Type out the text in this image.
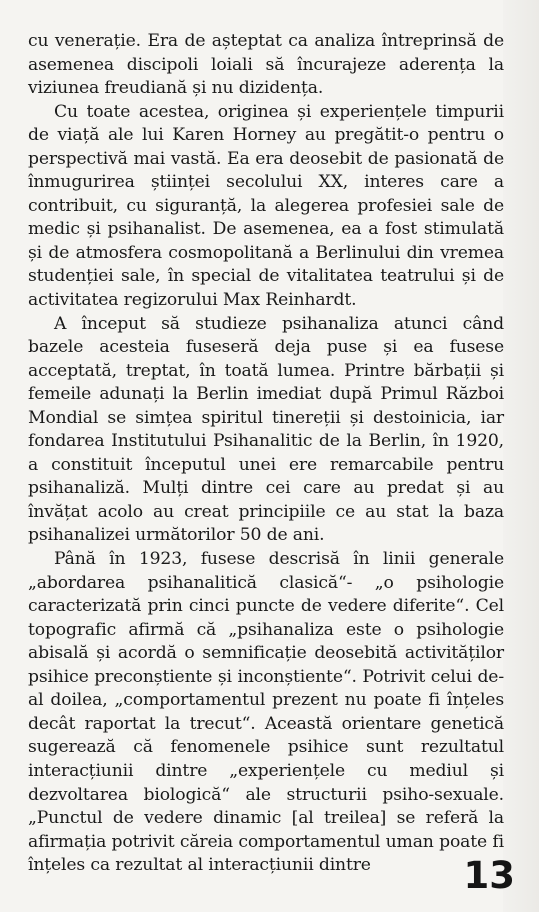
cu venerație. Era de așteptat ca analiza întreprinsă de asemenea discipoli loiali să încurajeze aderența la viziunea freudiană și nu dizidența.

Cu toate acestea, originea și experiențele timpurii de viață ale lui Karen Horney au pregătit-o pentru o perspectivă mai vastă. Ea era deosebit de pasionată de înmugurirea științei secolului XX, interes care a contribuit, cu siguranță, la alegerea profesiei sale de medic și psihanalist. De asemenea, ea a fost stimulată și de atmosfera cosmopolitană a Berlinului din vremea studenției sale, în special de vitalitatea teatrului și de activitatea regizorului Max Reinhardt.

A început să studieze psihanaliza atunci când bazele acesteia fuseseră deja puse și ea fusese acceptată, treptat, în toată lumea. Printre bărbații și femeile adunați la Berlin imediat după Primul Război Mondial se simțea spiritul tinereții și destoinicia, iar fondarea Institutului Psihanalitic de la Berlin, în 1920, a constituit începutul unei ere remarcabile pentru psihanaliză. Mulți dintre cei care au predat și au învățat acolo au creat principiile ce au stat la baza psihanalizei următorilor 50 de ani.

Până în 1923, fusese descrisă în linii generale „abordarea psihanalitică clasică“- „o psihologie caracterizată prin cinci puncte de vedere diferite“. Cel topografic afirmă că „psihanaliza este o psihologie abisală și acordă o semnificație deosebită activităților psihice preconștiente și inconștiente“. Potrivit celui de-al doilea, „comportamentul prezent nu poate fi înțeles decât raportat la trecut“. Această orientare genetică sugerează că fenomenele psihice sunt rezultatul interacțiunii dintre „experiențele cu mediul și dezvoltarea biologică“ ale structurii psiho-sexuale. „Punctul de vedere dinamic [al treilea] se referă la afirmația potrivit căreia comportamentul uman poate fi înțeles ca rezultat al interacțiunii dintre	13
